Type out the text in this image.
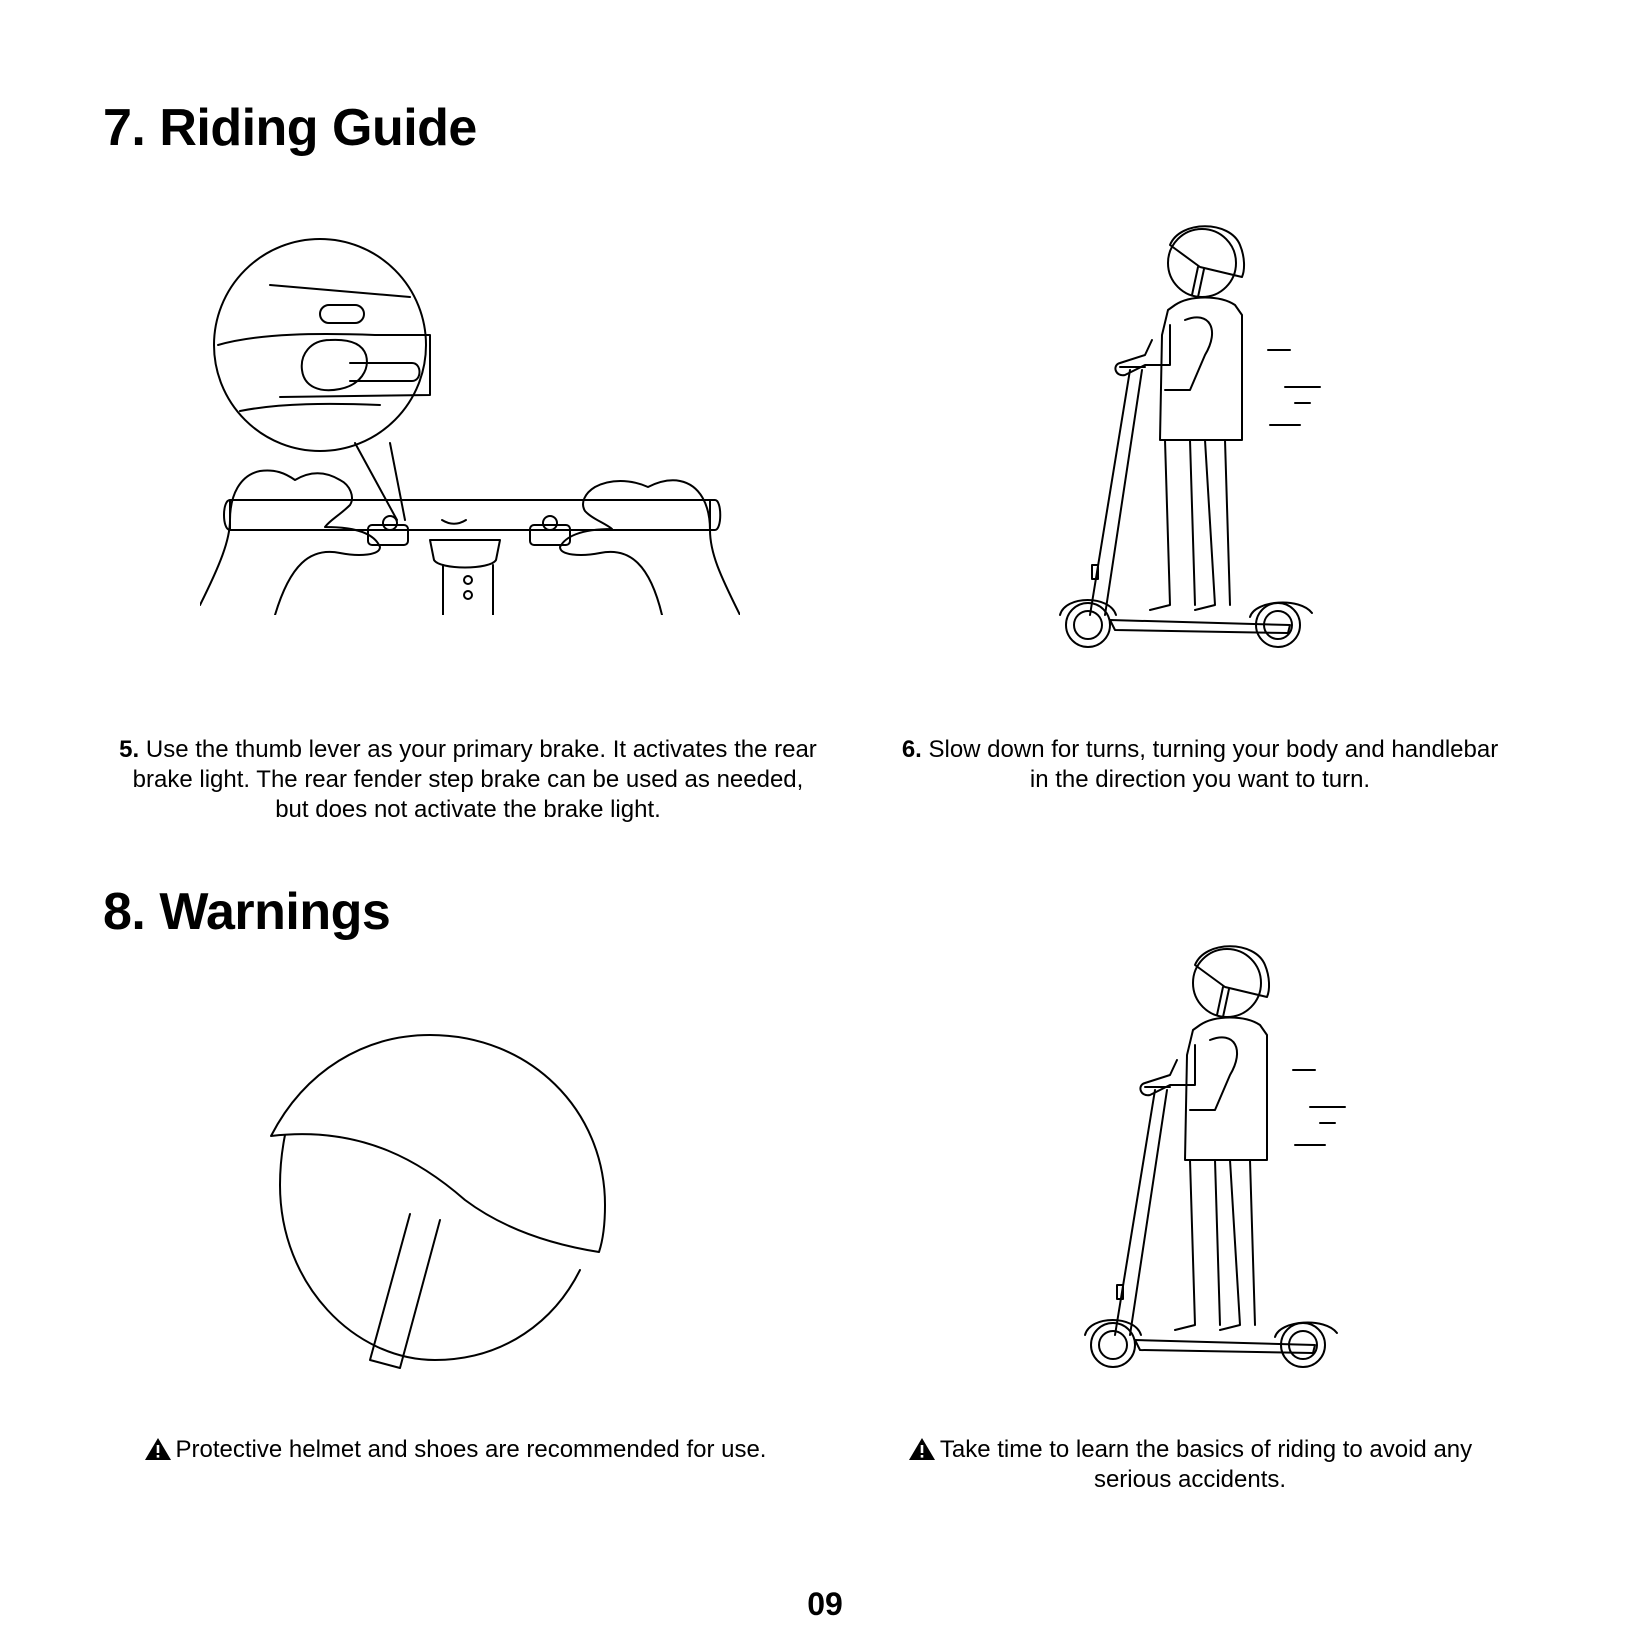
7. Riding Guide
5. Use the thumb lever as your primary brake. It activates the rear brake light. The rear fender step brake can be used as needed, but does not activate the brake light.
6. Slow down for turns, turning your body and handlebar in the direction you want to turn.
8. Warnings
Protective helmet and shoes are recommended for use.	Take time to learn the basics of riding to avoid any serious accidents.
09
